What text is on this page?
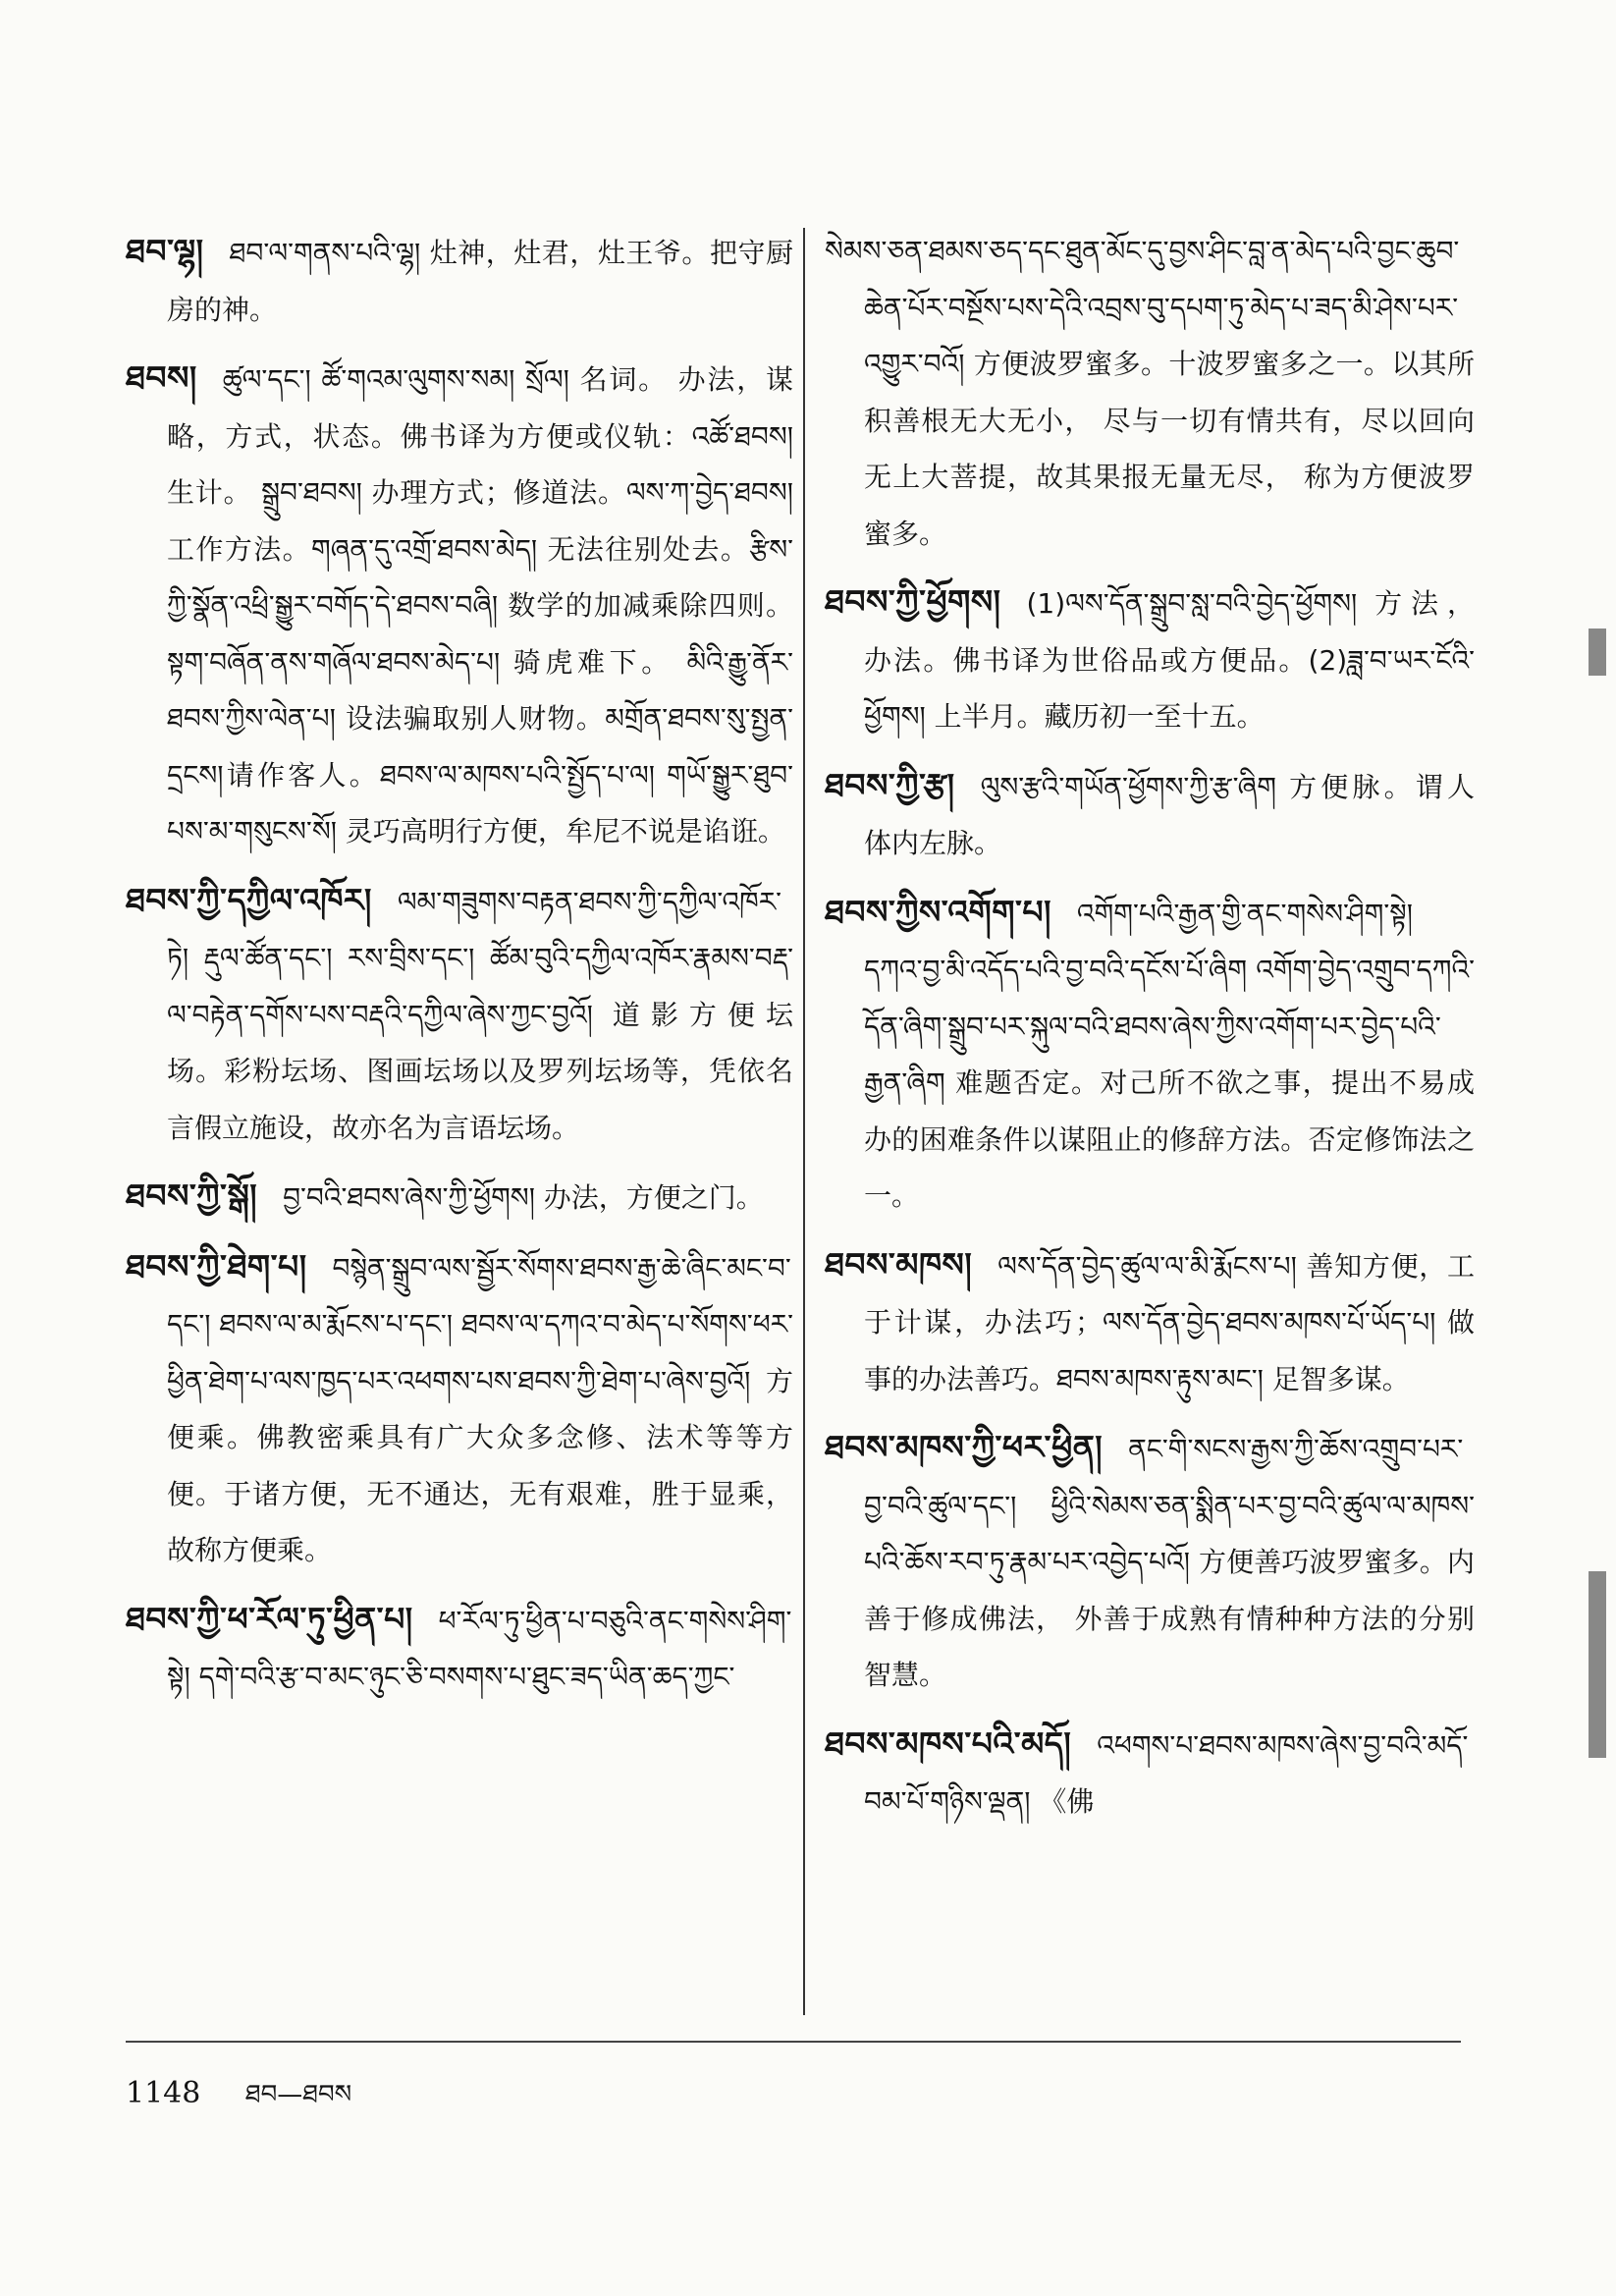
ཐབ་ལྷ། ཐབ་ལ་གནས་པའི་ལྷ། 灶神，灶君，灶王爷。把守厨房的神。
ཐབས། ཚུལ་དང་། ཚོ་གའམ་ལུགས་སམ། སྲོལ། 名词。 办法，谋略，方式，状态。佛书译为方便或仪轨：འཚོ་ཐབས། 生计。 སྒྲུབ་ཐབས། 办理方式；修道法。ལས་ཀ་བྱེད་ཐབས། 工作方法。གཞན་དུ་འགྲོ་ཐབས་མེད། 无法往别处去。རྩིས་ཀྱི་སྣོན་འཕྲི་སྒྱུར་བགོད་དེ་ཐབས་བཞི། 数学的加减乘除四则。 སྟག་བཞོན་ནས་གཞོལ་ཐབས་མེད་པ། 骑虎难下。 མིའི་རྒྱུ་ནོར་ཐབས་ཀྱིས་ལེན་པ། 设法骗取别人财物。མགྲོན་ཐབས་སུ་སྤྱན་དྲངས།请作客人。ཐབས་ལ་མཁས་པའི་སྤྱོད་པ་ལ། གཡོ་སྒྱུར་ཐུབ་པས་མ་གསུངས་སོ། 灵巧高明行方便，牟尼不说是谄诳。
ཐབས་ཀྱི་དཀྱིལ་འཁོར། ལམ་གཟུགས་བརྟན་ཐབས་ཀྱི་དཀྱིལ་འཁོར་ཏེ། རྡུལ་ཚོན་དང་། རས་བྲིས་དང་། ཚོམ་བུའི་དཀྱིལ་འཁོར་རྣམས་བརྡ་ལ་བརྟེན་དགོས་པས་བརྡའི་དཀྱིལ་ཞེས་ཀྱང་བྱའོ། 道影方便坛场。彩粉坛场、图画坛场以及罗列坛场等，凭依名言假立施设，故亦名为言语坛场。
ཐབས་ཀྱི་སྒོ། བྱ་བའི་ཐབས་ཞེས་ཀྱི་ཕྱོགས། 办法，方便之门。
ཐབས་ཀྱི་ཐེག་པ། བསྙེན་སྒྲུབ་ལས་སྦྱོར་སོགས་ཐབས་རྒྱ་ཆེ་ཞིང་མང་བ་དང་། ཐབས་ལ་མ་རྨོངས་པ་དང་། ཐབས་ལ་དཀའ་བ་མེད་པ་སོགས་ཕར་ཕྱིན་ཐེག་པ་ལས་ཁྱད་པར་འཕགས་པས་ཐབས་ཀྱི་ཐེག་པ་ཞེས་བྱའོ། 方便乘。佛教密乘具有广大众多念修、法术等等方便。于诸方便，无不通达，无有艰难，胜于显乘，故称方便乘。
ཐབས་ཀྱི་ཕ་རོལ་ཏུ་ཕྱིན་པ། ཕ་རོལ་ཏུ་ཕྱིན་པ་བཅུའི་ནང་གསེས་ཤིག་སྟེ། དགེ་བའི་རྩ་བ་མང་ཉུང་ཅི་བསགས་པ་ཐུང་ཟད་ཡིན་ཆད་ཀྱང་
སེམས་ཅན་ཐམས་ཅད་དང་ཐུན་མོང་དུ་བྱས་ཤིང་བླ་ན་མེད་པའི་བྱང་ཆུབ་ཆེན་པོར་བསྔོས་པས་དེའི་འབྲས་བུ་དཔག་ཏུ་མེད་པ་ཟད་མི་ཤེས་པར་འགྱུར་བའོ། 方便波罗蜜多。十波罗蜜多之一。以其所积善根无大无小， 尽与一切有情共有，尽以回向无上大菩提，故其果报无量无尽， 称为方便波罗蜜多。
ཐབས་ཀྱི་ཕྱོགས། (1)ལས་དོན་སྒྲུབ་སླ་བའི་བྱེད་ཕྱོགས། 方法，办法。佛书译为世俗品或方便品。(2)ཟླ་བ་ཡར་ངོའི་ཕྱོགས། 上半月。藏历初一至十五。
ཐབས་ཀྱི་རྩ། ལུས་རྩའི་གཡོན་ཕྱོགས་ཀྱི་རྩ་ཞིག 方便脉。谓人体内左脉。
ཐབས་ཀྱིས་འགོག་པ། འགོག་པའི་རྒྱན་གྱི་ནང་གསེས་ཤིག་སྟེ། དཀའ་བྱ་མི་འདོད་པའི་བྱ་བའི་དངོས་པོ་ཞིག འགོག་བྱེད་འགྲུབ་དཀའི་དོན་ཞིག་སྒྲུབ་པར་སྐུལ་བའི་ཐབས་ཞེས་ཀྱིས་འགོག་པར་བྱེད་པའི་རྒྱན་ཞིག 难题否定。对己所不欲之事，提出不易成办的困难条件以谋阻止的修辞方法。否定修饰法之一。
ཐབས་མཁས། ལས་དོན་བྱེད་ཚུལ་ལ་མི་རྨོངས་པ། 善知方便，工于计谋，办法巧；ལས་དོན་བྱེད་ཐབས་མཁས་པོ་ཡོད་པ། 做事的办法善巧。ཐབས་མཁས་རྟུས་མང་། 足智多谋。
ཐབས་མཁས་ཀྱི་ཕར་ཕྱིན། ནང་གི་སངས་རྒྱས་ཀྱི་ཆོས་འགྲུབ་པར་བྱ་བའི་ཚུལ་དང་། ཕྱིའི་སེམས་ཅན་སྨིན་པར་བྱ་བའི་ཚུལ་ལ་མཁས་པའི་ཆོས་རབ་ཏུ་རྣམ་པར་འབྱེད་པའོ། 方便善巧波罗蜜多。内善于修成佛法， 外善于成熟有情种种方法的分别智慧。
ཐབས་མཁས་པའི་མདོ། འཕགས་པ་ཐབས་མཁས་ཞེས་བྱ་བའི་མདོ་བམ་པོ་གཉིས་ལྡན། 《佛
1148 ཐབ—ཐབས
